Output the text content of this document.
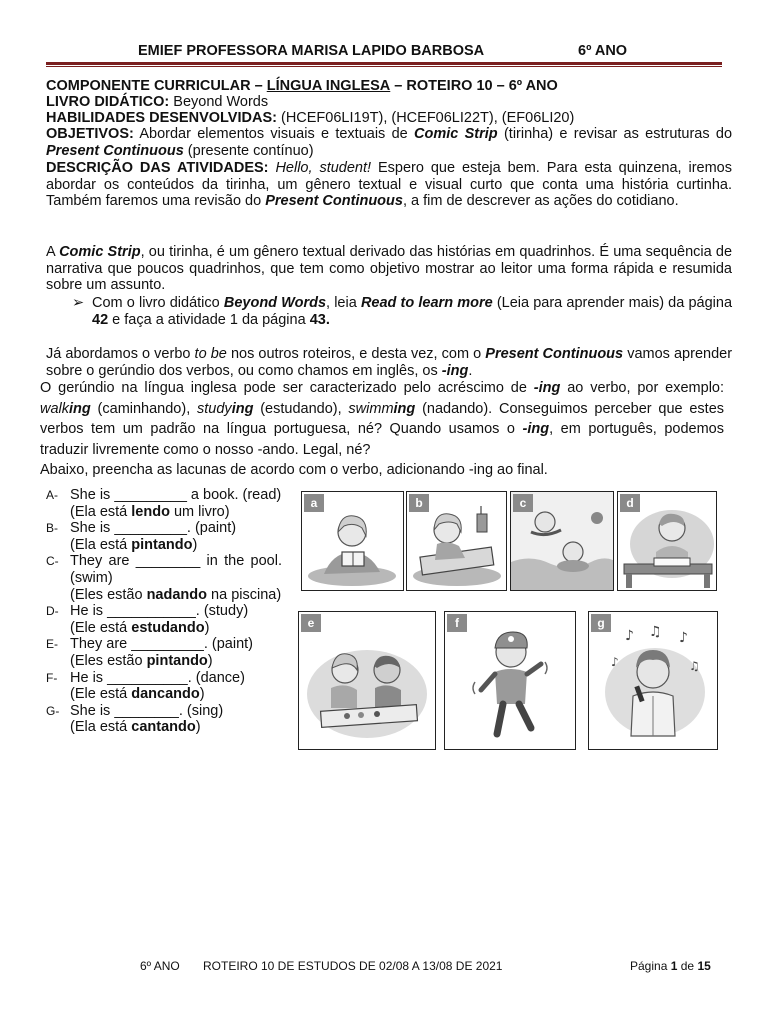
EMIEF PROFESSORA MARISA LAPIDO BARBOSA	6º ANO
COMPONENTE CURRICULAR – LÍNGUA INGLESA – ROTEIRO 10 – 6º ANO
LIVRO DIDÁTICO: Beyond Words
HABILIDADES DESENVOLVIDAS: (HCEF06LI19T), (HCEF06LI22T), (EF06LI20)
OBJETIVOS: Abordar elementos visuais e textuais de Comic Strip (tirinha) e revisar as estruturas do Present Continuous (presente contínuo)
DESCRIÇÃO DAS ATIVIDADES: Hello, student! Espero que esteja bem. Para esta quinzena, iremos abordar os conteúdos da tirinha, um gênero textual e visual curto que conta uma história curtinha. Também faremos uma revisão do Present Continuous, a fim de descrever as ações do cotidiano.
A Comic Strip, ou tirinha, é um gênero textual derivado das histórias em quadrinhos. É uma sequência de narrativa que poucos quadrinhos, que tem como objetivo mostrar ao leitor uma forma rápida e resumida sobre um assunto.
➢ Com o livro didático Beyond Words, leia Read to learn more (Leia para aprender mais) da página 42 e faça a atividade 1 da página 43.
Já abordamos o verbo to be nos outros roteiros, e desta vez, com o Present Continuous vamos aprender sobre o gerúndio dos verbos, ou como chamos em inglês, os -ing.
O gerúndio na língua inglesa pode ser caracterizado pelo acréscimo de -ing ao verbo, por exemplo: walking (caminhando), studying (estudando), swimming (nadando). Conseguimos perceber que estes verbos tem um padrão na língua portuguesa, né? Quando usamos o -ing, em português, podemos traduzir livremente como o nosso -ando. Legal, né?
Abaixo, preencha as lacunas de acordo com o verbo, adicionando -ing ao final.
A- She is _________ a book. (read)
(Ela está lendo um livro)
B- She is _________. (paint)
(Ela está pintando)
C- They are ________ in the pool. (swim)
(Eles estão nadando na piscina)
D- He is ___________. (study)
(Ele está estudando)
E- They are _________. (paint)
(Eles estão pintando)
F- He is __________. (dance)
(Ele está dancando)
G- She is ________. (sing)
(Ela está cantando)
a	b	c	d
e	f
♪ ♫ ♪
♪	♫
g
6º ANO ROTEIRO 10 DE ESTUDOS DE 02/08 A 13/08 DE 2021	Página 1 de 15
